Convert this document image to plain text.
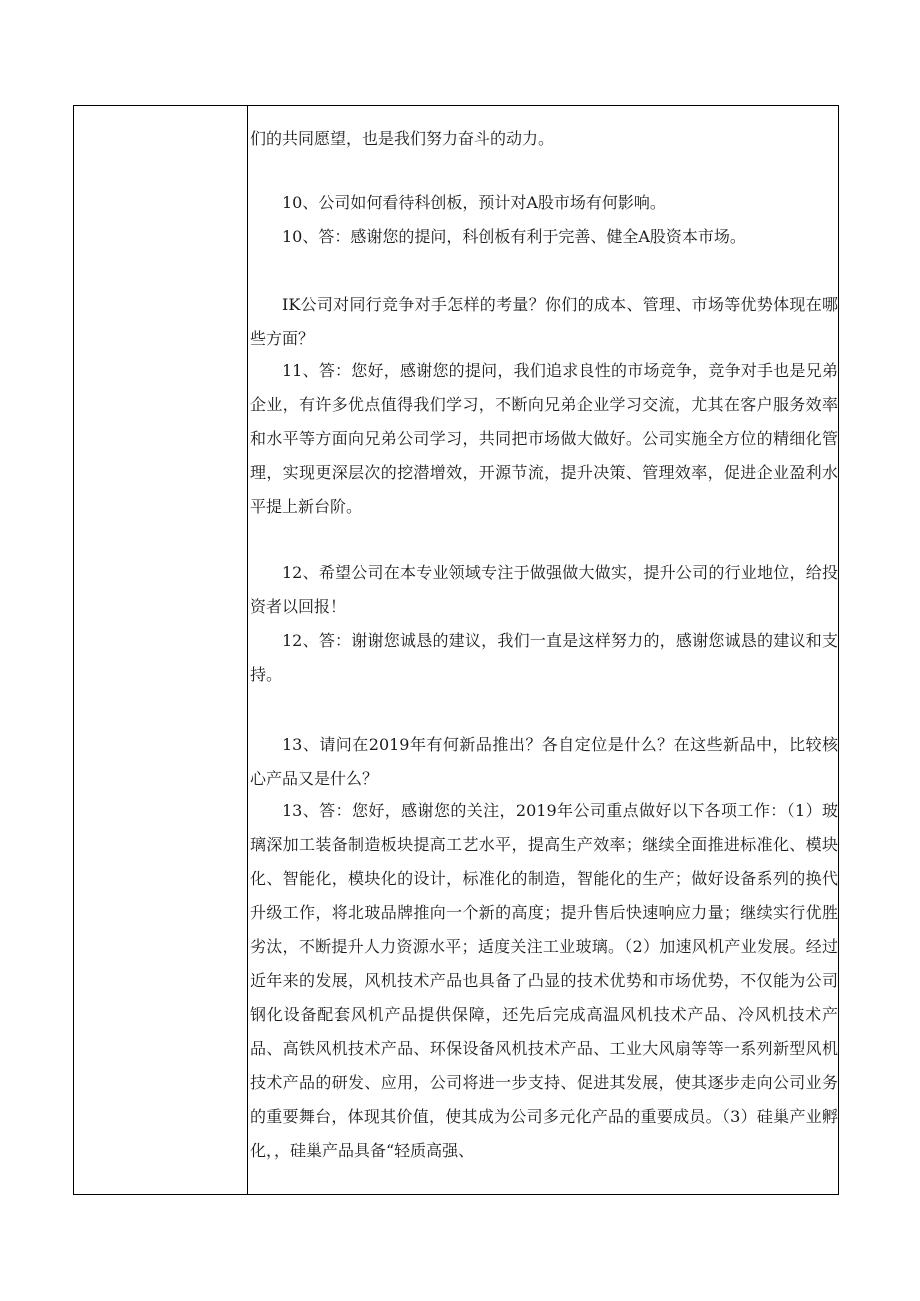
们的共同愿望，也是我们努力奋斗的动力。
10、公司如何看待科创板，预计对A股市场有何影响。
10、答：感谢您的提问，科创板有利于完善、健全A股资本市场。
IK公司对同行竞争对手怎样的考量？你们的成本、管理、市场等优势体现在哪些方面？
11、答：您好，感谢您的提问，我们追求良性的市场竞争，竞争对手也是兄弟企业，有许多优点值得我们学习，不断向兄弟企业学习交流，尤其在客户服务效率和水平等方面向兄弟公司学习，共同把市场做大做好。公司实施全方位的精细化管理，实现更深层次的挖潜增效，开源节流，提升决策、管理效率，促进企业盈利水平提上新台阶。
12、希望公司在本专业领域专注于做强做大做实，提升公司的行业地位，给投资者以回报！
12、答：谢谢您诚恳的建议，我们一直是这样努力的，感谢您诚恳的建议和支持。
13、请问在2019年有何新品推出？各自定位是什么？在这些新品中，比较核心产品又是什么？
13、答：您好，感谢您的关注，2019年公司重点做好以下各项工作：（1）玻璃深加工装备制造板块提高工艺水平，提高生产效率；继续全面推进标准化、模块化、智能化，模块化的设计，标准化的制造，智能化的生产；做好设备系列的换代升级工作，将北玻品牌推向一个新的高度；提升售后快速响应力量；继续实行优胜劣汰，不断提升人力资源水平；适度关注工业玻璃。（2）加速风机产业发展。经过近年来的发展，风机技术产品也具备了凸显的技术优势和市场优势，不仅能为公司钢化设备配套风机产品提供保障，还先后完成高温风机技术产品、冷风机技术产品、高铁风机技术产品、环保设备风机技术产品、工业大风扇等等一系列新型风机技术产品的研发、应用，公司将进一步支持、促进其发展，使其逐步走向公司业务的重要舞台，体现其价值，使其成为公司多元化产品的重要成员。（3）硅巢产业孵化，，硅巢产品具备“轻质高强、
